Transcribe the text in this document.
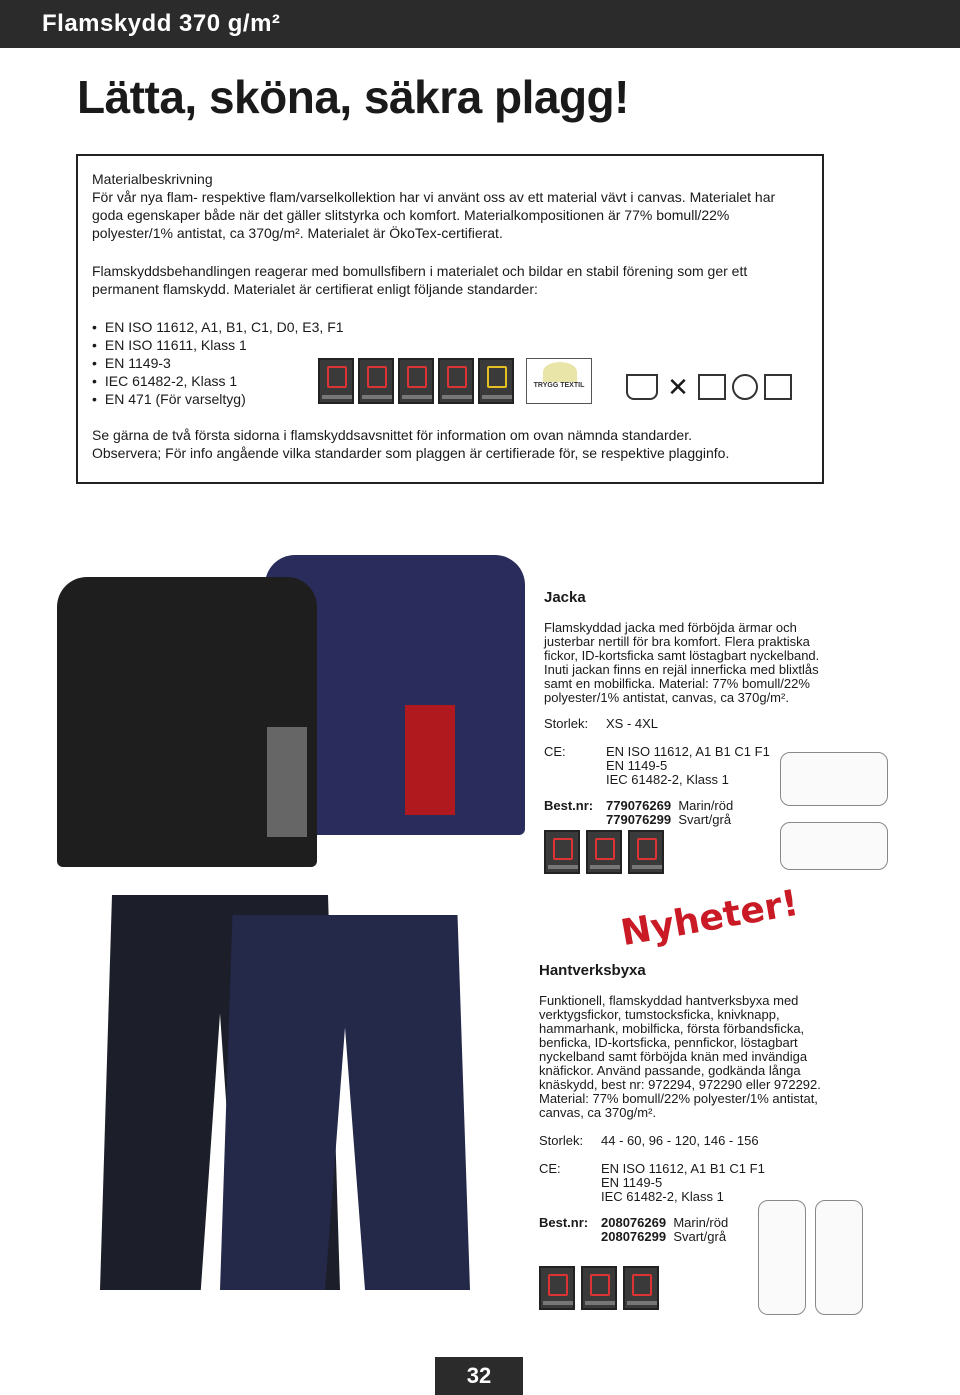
Flamskydd 370 g/m²
Lätta, sköna, säkra plagg!

Materialbeskrivning

För vår nya flam- respektive flam/varselkollektion har vi använt oss av ett material vävt i canvas. Materialet har goda egenskaper både när det gäller slitstyrka och komfort. Materialkompositionen är 77% bomull/22% polyester/1% antistat, ca 370g/m². Materialet är ÖkoTex-certifierat.

Flamskyddsbehandlingen reagerar med bomullsfibern i materialet och bildar en stabil förening som ger ett permanent flamskydd. Materialet är certifierat enligt följande standarder:

• EN ISO 11612, A1, B1, C1, D0, E3, F1
• EN ISO 11611, Klass 1
• EN 1149-3
• IEC 61482-2, Klass 1
• EN 471 (För varseltyg)
TRYGG TEXTIL	✕

Se gärna de två första sidorna i flamskyddsavsnittet för information om ovan nämnda standarder.
Observera; För info angående vilka standarder som plaggen är certifierade för, se respektive plagginfo.

Jacka

Flamskyddad jacka med förböjda ärmar och justerbar nertill för bra komfort. Flera praktiska fickor, ID-kortsficka samt löstagbart nyckelband. Inuti jackan finns en rejäl innerficka med blixtlås samt en mobilficka. Material: 77% bomull/22% polyester/1% antistat, canvas, ca 370g/m².

Storlek:	XS - 4XL
CE:	EN ISO 11612, A1 B1 C1 F1
EN 1149-5
IEC 61482-2, Klass 1
Best.nr: 779076269 Marin/röd
779076299 Svart/grå
Nyheter!
Hantverksbyxa

Funktionell, flamskyddad hantverksbyxa med verktygsfickor, tumstocksficka, knivknapp, hammarhank, mobilficka, första förbandsficka, benficka, ID-kortsficka, pennfickor, löstagbart nyckelband samt förböjda knän med invändiga knäfickor. Använd passande, godkända långa knäskydd, best nr: 972294, 972290 eller 972292. Material: 77% bomull/22% polyester/1% antistat, canvas, ca 370g/m².

Storlek:	44 - 60, 96 - 120, 146 - 156
CE:	EN ISO 11612, A1 B1 C1 F1
EN 1149-5
IEC 61482-2, Klass 1
Best.nr: 208076269 Marin/röd
208076299 Svart/grå
32
